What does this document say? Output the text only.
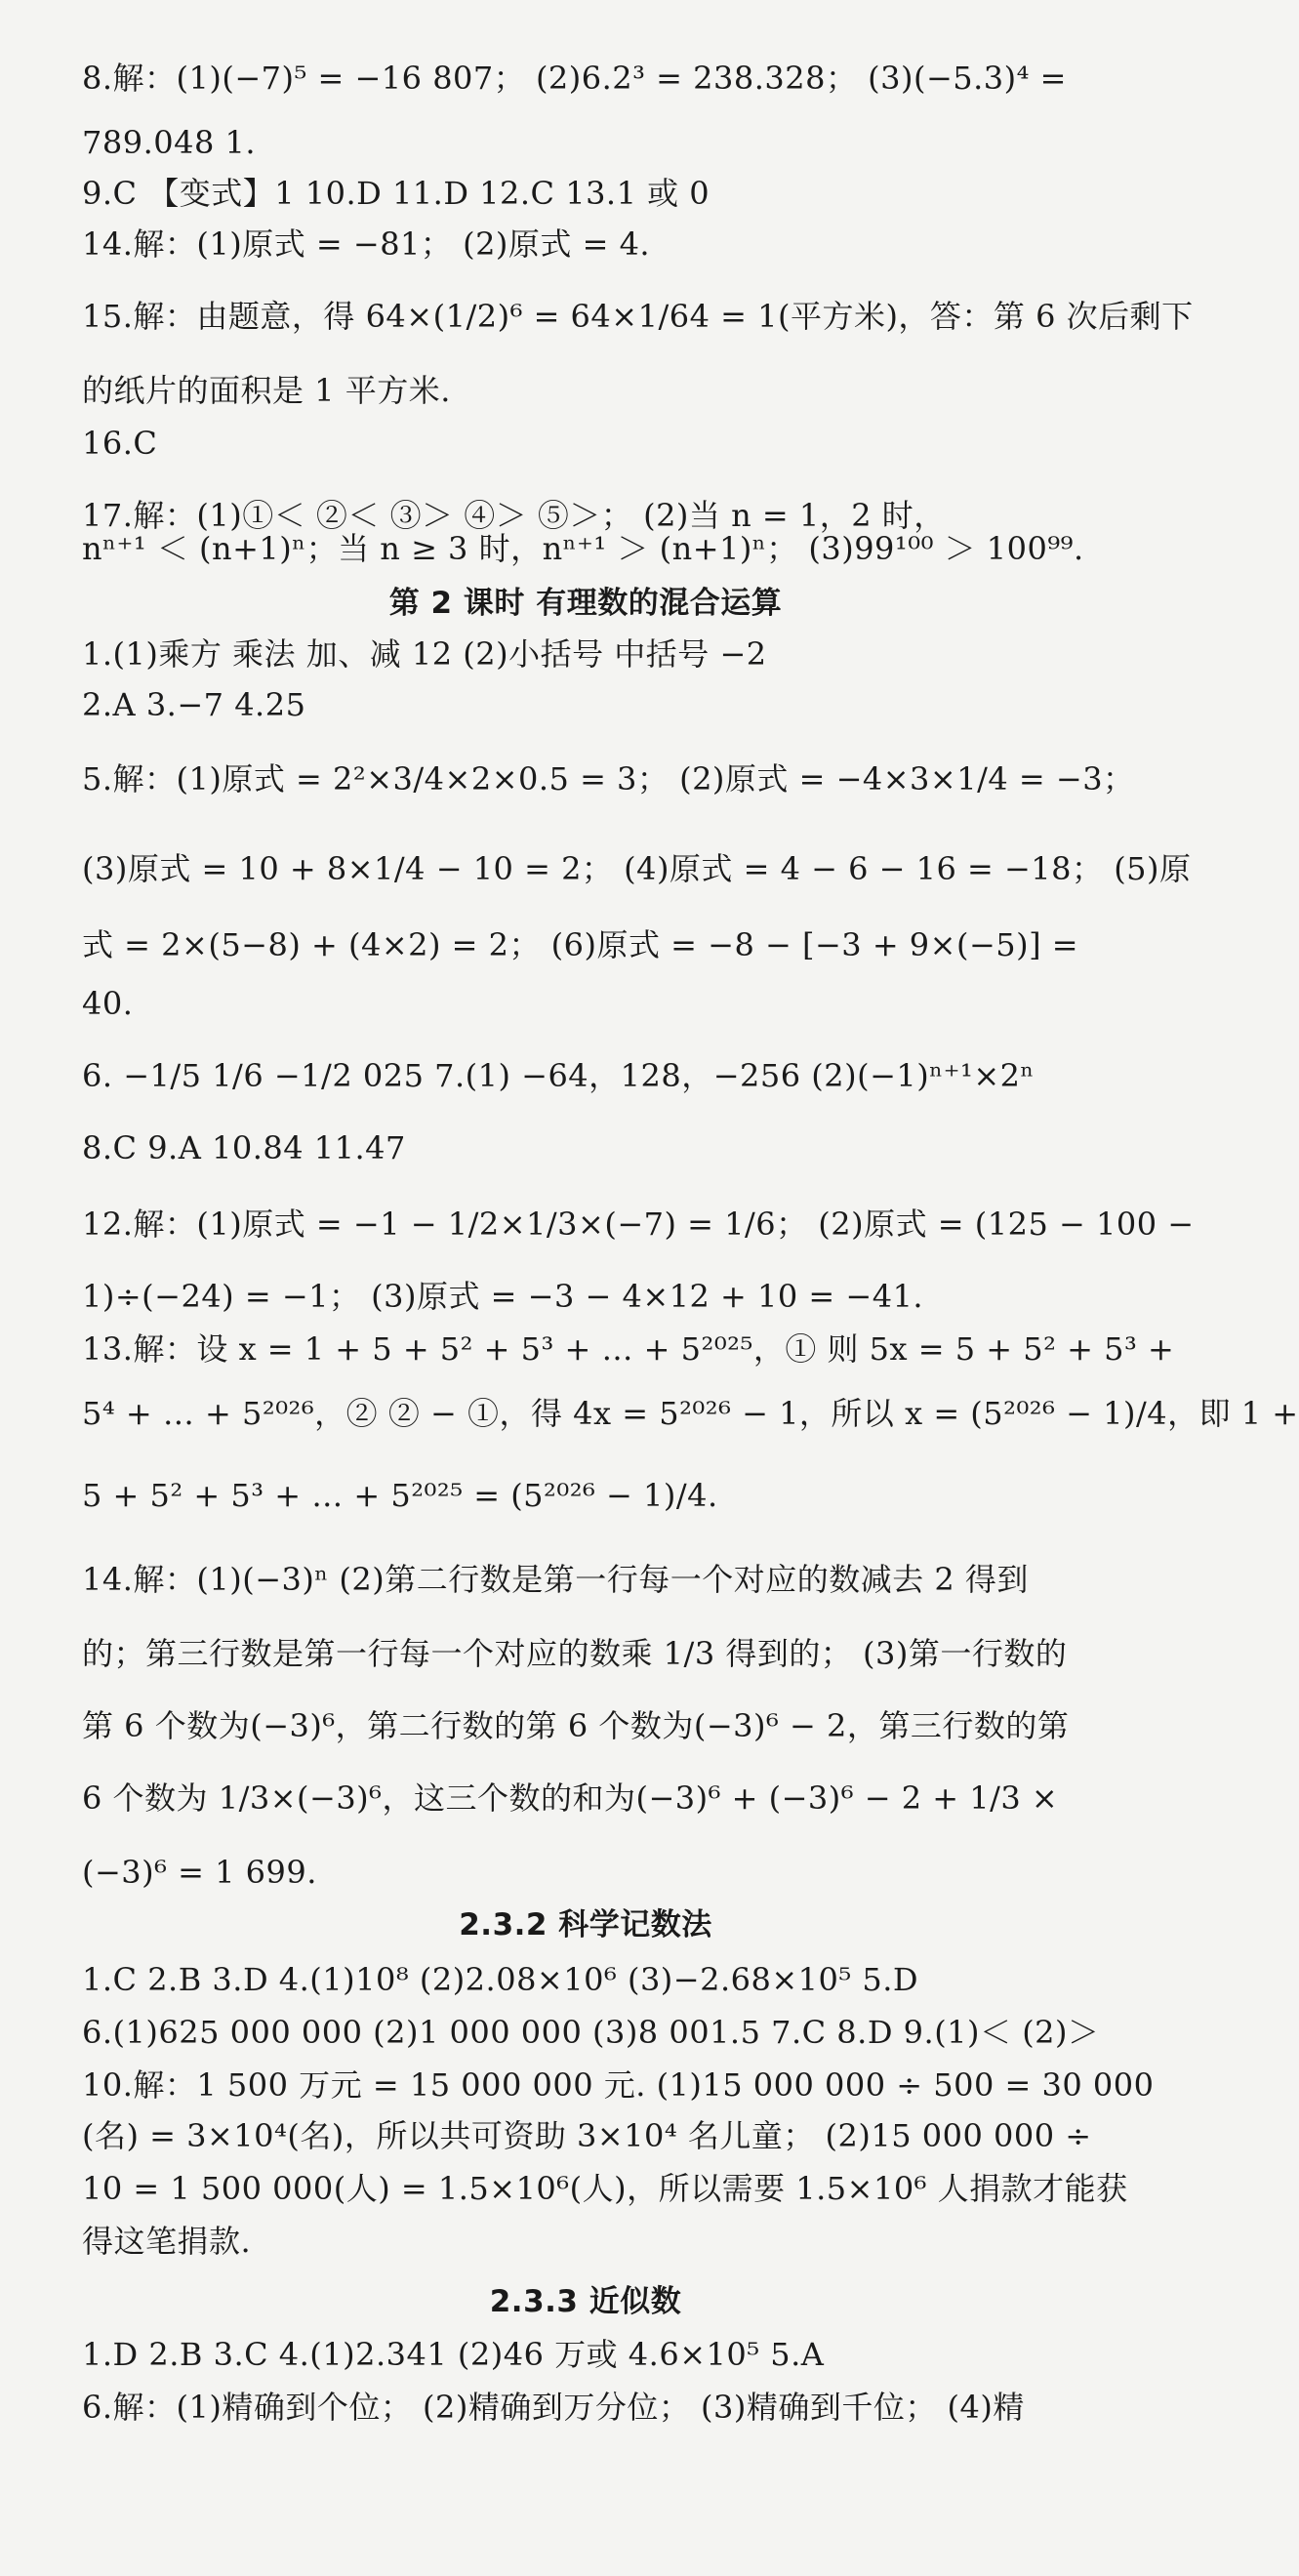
8.解：(1)(−7)⁵ = −16 807； (2)6.2³ = 238.328； (3)(−5.3)⁴ =
789.048 1.
9.C 【变式】1 10.D 11.D 12.C 13.1 或 0
14.解：(1)原式 = −81； (2)原式 = 4.
15.解：由题意，得 64×(1/2)⁶ = 64×1/64 = 1(平方米)，答：第 6 次后剩下
的纸片的面积是 1 平方米.
16.C
17.解：(1)①＜ ②＜ ③＞ ④＞ ⑤＞； (2)当 n = 1，2 时，
nⁿ⁺¹ ＜ (n+1)ⁿ；当 n ≥ 3 时，nⁿ⁺¹ ＞ (n+1)ⁿ； (3)99¹⁰⁰ ＞ 100⁹⁹.
第 2 课时 有理数的混合运算
1.(1)乘方 乘法 加、减 12 (2)小括号 中括号 −2
2.A 3.−7 4.25
5.解：(1)原式 = 2²×3/4×2×0.5 = 3； (2)原式 = −4×3×1/4 = −3；
(3)原式 = 10 + 8×1/4 − 10 = 2； (4)原式 = 4 − 6 − 16 = −18； (5)原
式 = 2×(5−8) + (4×2) = 2； (6)原式 = −8 − [−3 + 9×(−5)] =
40.
6. −1/5 1/6 −1/2 025 7.(1) −64，128，−256 (2)(−1)ⁿ⁺¹×2ⁿ
8.C 9.A 10.84 11.47
12.解：(1)原式 = −1 − 1/2×1/3×(−7) = 1/6； (2)原式 = (125 − 100 −
1)÷(−24) = −1； (3)原式 = −3 − 4×12 + 10 = −41.
13.解：设 x = 1 + 5 + 5² + 5³ + … + 5²⁰²⁵，① 则 5x = 5 + 5² + 5³ +
5⁴ + … + 5²⁰²⁶，② ② − ①，得 4x = 5²⁰²⁶ − 1，所以 x = (5²⁰²⁶ − 1)/4，即 1 +
5 + 5² + 5³ + … + 5²⁰²⁵ = (5²⁰²⁶ − 1)/4.
14.解：(1)(−3)ⁿ (2)第二行数是第一行每一个对应的数减去 2 得到
的；第三行数是第一行每一个对应的数乘 1/3 得到的； (3)第一行数的
第 6 个数为(−3)⁶，第二行数的第 6 个数为(−3)⁶ − 2，第三行数的第
6 个数为 1/3×(−3)⁶，这三个数的和为(−3)⁶ + (−3)⁶ − 2 + 1/3 ×
(−3)⁶ = 1 699.
2.3.2 科学记数法
1.C 2.B 3.D 4.(1)10⁸ (2)2.08×10⁶ (3)−2.68×10⁵ 5.D
6.(1)625 000 000 (2)1 000 000 (3)8 001.5 7.C 8.D 9.(1)＜ (2)＞
10.解：1 500 万元 = 15 000 000 元. (1)15 000 000 ÷ 500 = 30 000
(名) = 3×10⁴(名)，所以共可资助 3×10⁴ 名儿童； (2)15 000 000 ÷
10 = 1 500 000(人) = 1.5×10⁶(人)，所以需要 1.5×10⁶ 人捐款才能获
得这笔捐款.
2.3.3 近似数
1.D 2.B 3.C 4.(1)2.341 (2)46 万或 4.6×10⁵ 5.A
6.解：(1)精确到个位； (2)精确到万分位； (3)精确到千位； (4)精
